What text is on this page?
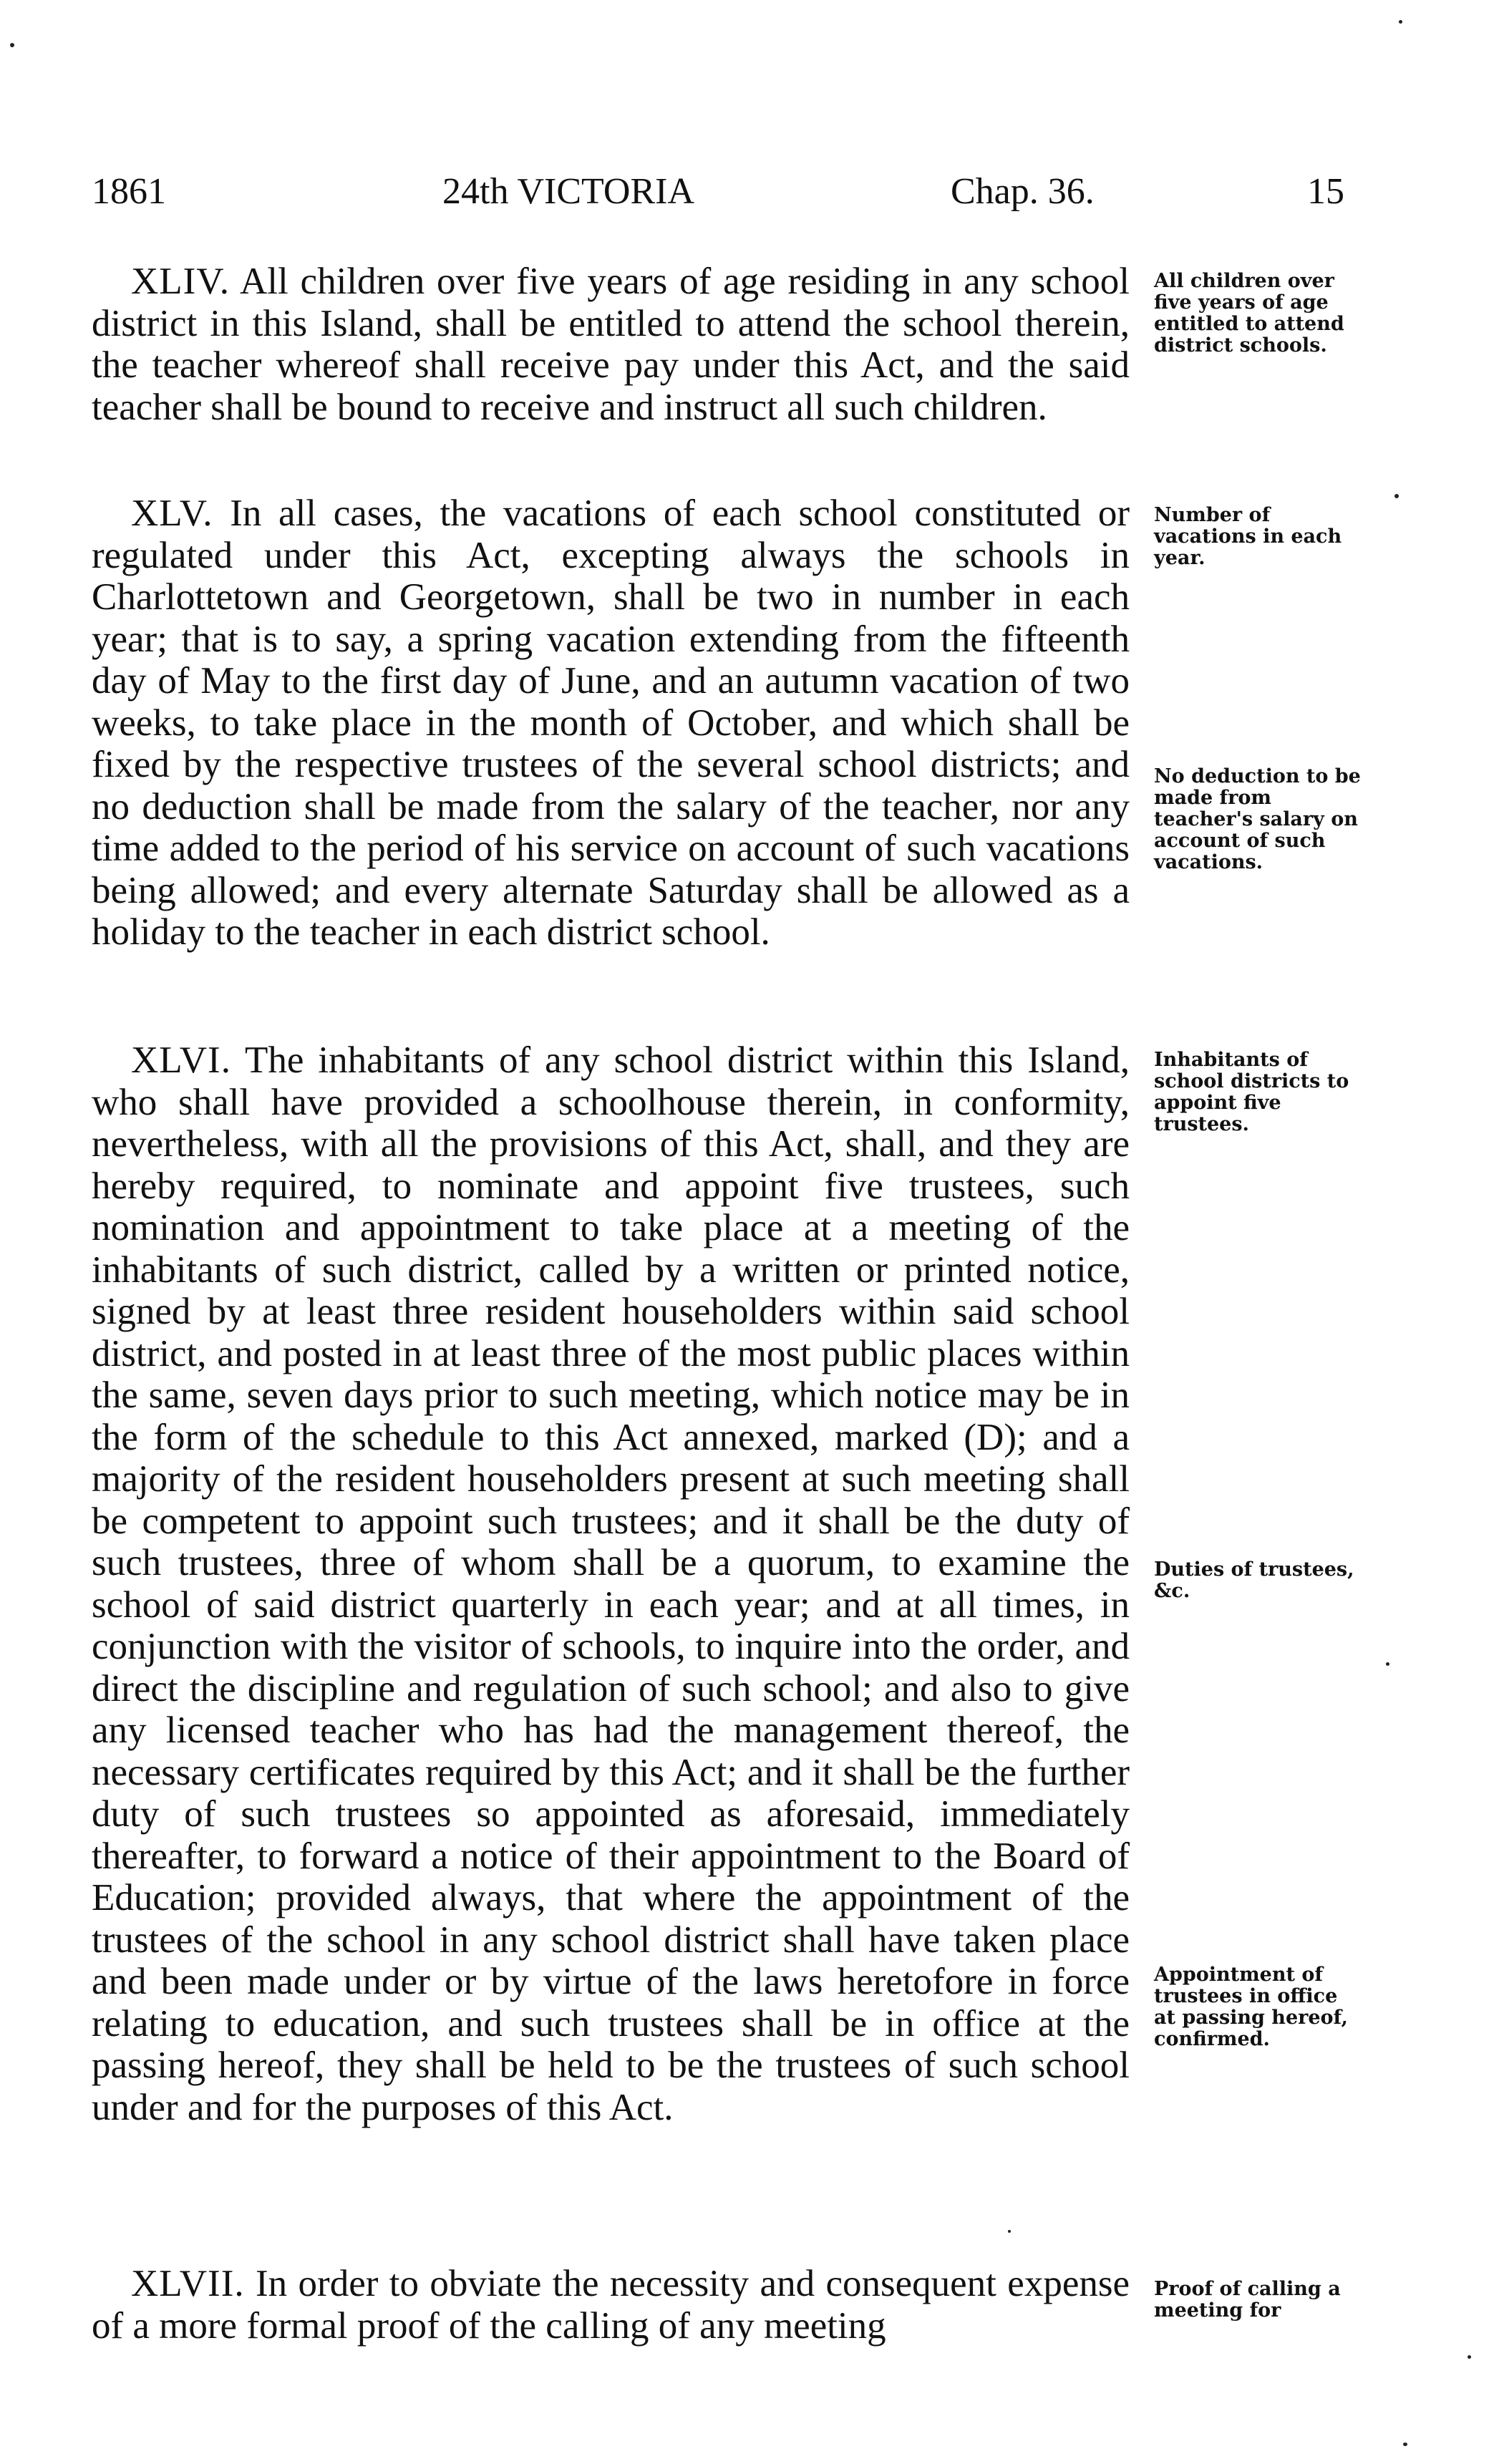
1861	24th VICTORIA	Chap. 36.	15

XLIV. All children over five years of age residing in any school district in this Island, shall be entitled to attend the school therein, the teacher whereof shall receive pay under this Act, and the said teacher shall be bound to receive and instruct all such children.

XLV. In all cases, the vacations of each school constituted or regulated under this Act, excepting always the schools in Charlottetown and Georgetown, shall be two in number in each year; that is to say, a spring vacation extending from the fifteenth day of May to the first day of June, and an autumn vacation of two weeks, to take place in the month of October, and which shall be fixed by the respective trustees of the several school districts; and no deduction shall be made from the salary of the teacher, nor any time added to the period of his service on account of such vacations being allowed; and every alternate Saturday shall be allowed as a holiday to the teacher in each district school.

XLVI. The inhabitants of any school district within this Island, who shall have provided a schoolhouse therein, in conformity, nevertheless, with all the provisions of this Act, shall, and they are hereby required, to nominate and appoint five trustees, such nomination and appointment to take place at a meeting of the inhabitants of such district, called by a written or printed notice, signed by at least three resident householders within said school district, and posted in at least three of the most public places within the same, seven days prior to such meeting, which notice may be in the form of the schedule to this Act annexed, marked (D); and a majority of the resident householders present at such meeting shall be competent to appoint such trustees; and it shall be the duty of such trustees, three of whom shall be a quorum, to examine the school of said district quarterly in each year; and at all times, in conjunction with the visitor of schools, to inquire into the order, and direct the discipline and regulation of such school; and also to give any licensed teacher who has had the management thereof, the necessary certificates required by this Act; and it shall be the further duty of such trustees so appointed as aforesaid, immediately thereafter, to forward a notice of their appointment to the Board of Education; provided always, that where the appointment of the trustees of the school in any school district shall have taken place and been made under or by virtue of the laws heretofore in force relating to education, and such trustees shall be in office at the passing hereof, they shall be held to be the trustees of such school under and for the purposes of this Act.

XLVII. In order to obviate the necessity and consequent expense of a more formal proof of the calling of any meeting

All children over five years of age entitled to attend district schools.
Number of vacations in each year.
No deduction to be made from teacher's salary on account of such vacations.
Inhabitants of school districts to appoint five trustees.
Duties of trustees, &c.
Appointment of trustees in office at passing hereof, confirmed.
Proof of calling a meeting for
